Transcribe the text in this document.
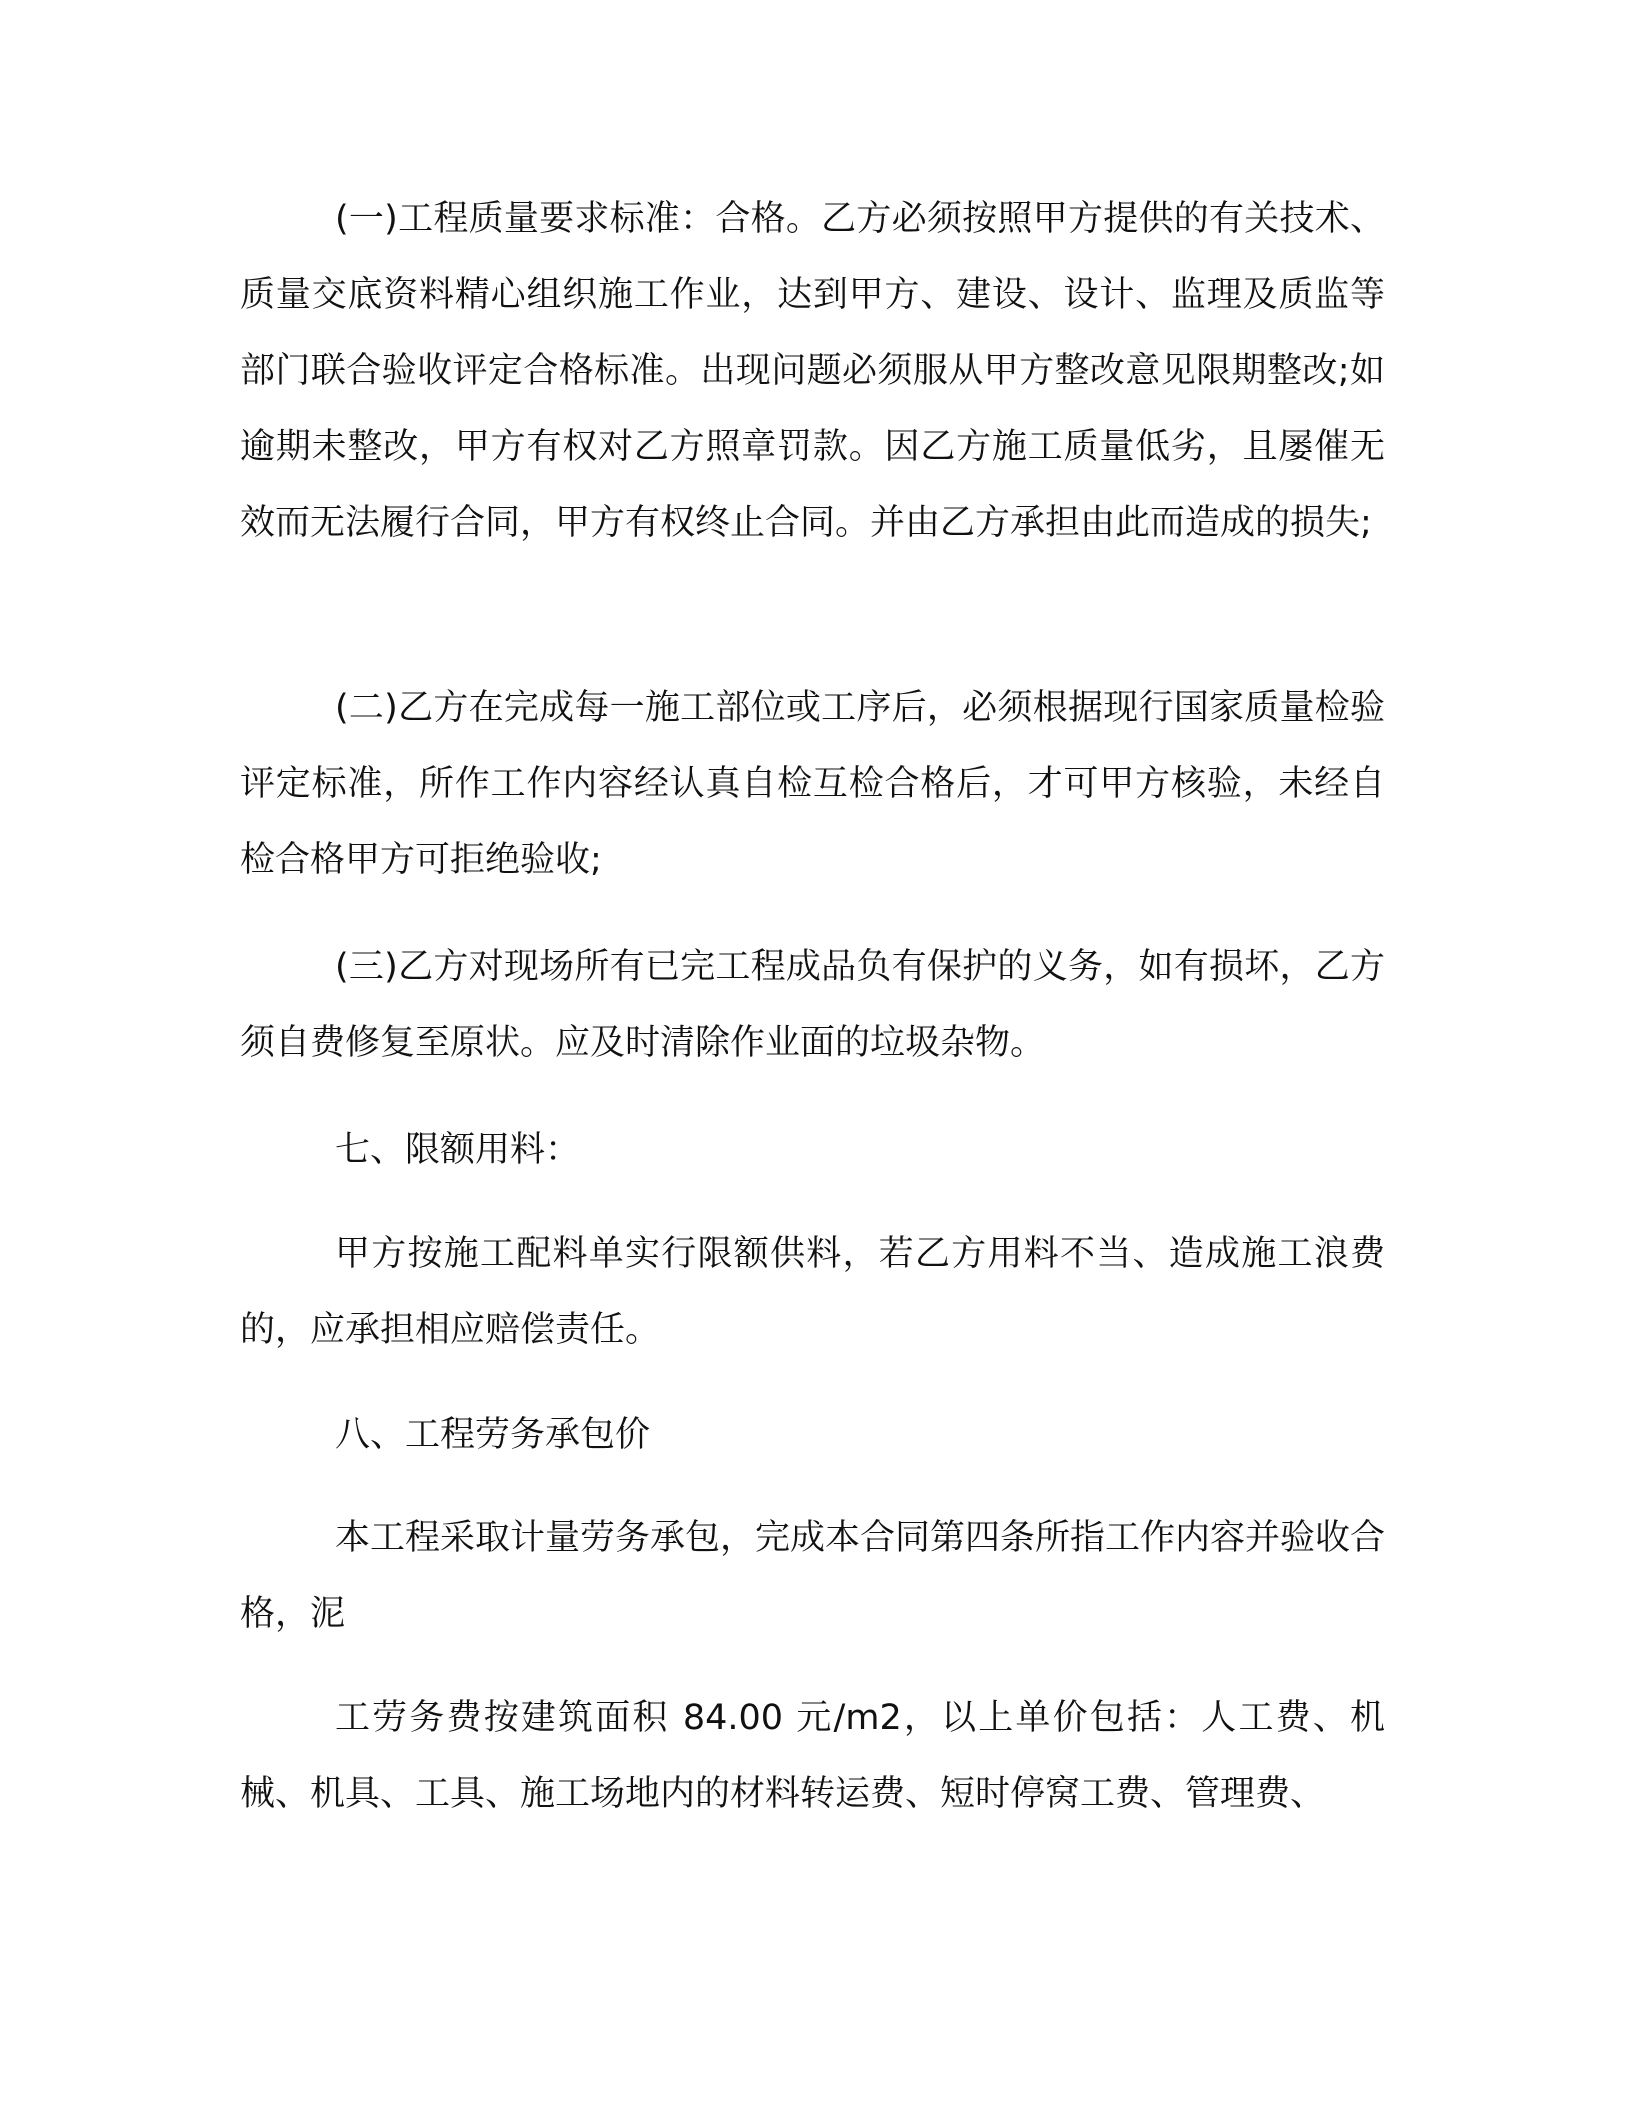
(一)工程质量要求标准：合格。乙方必须按照甲方提供的有关技术、质量交底资料精心组织施工作业，达到甲方、建设、设计、监理及质监等部门联合验收评定合格标准。出现问题必须服从甲方整改意见限期整改;如逾期未整改，甲方有权对乙方照章罚款。因乙方施工质量低劣，且屡催无效而无法履行合同，甲方有权终止合同。并由乙方承担由此而造成的损失;

(二)乙方在完成每一施工部位或工序后，必须根据现行国家质量检验评定标准，所作工作内容经认真自检互检合格后，才可甲方核验，未经自检合格甲方可拒绝验收;

(三)乙方对现场所有已完工程成品负有保护的义务，如有损坏，乙方须自费修复至原状。应及时清除作业面的垃圾杂物。

七、限额用料：

甲方按施工配料单实行限额供料，若乙方用料不当、造成施工浪费的，应承担相应赔偿责任。

八、工程劳务承包价

本工程采取计量劳务承包，完成本合同第四条所指工作内容并验收合格，泥

工劳务费按建筑面积 84.00 元/m2，以上单价包括：人工费、机械、机具、工具、施工场地内的材料转运费、短时停窝工费、管理费、
